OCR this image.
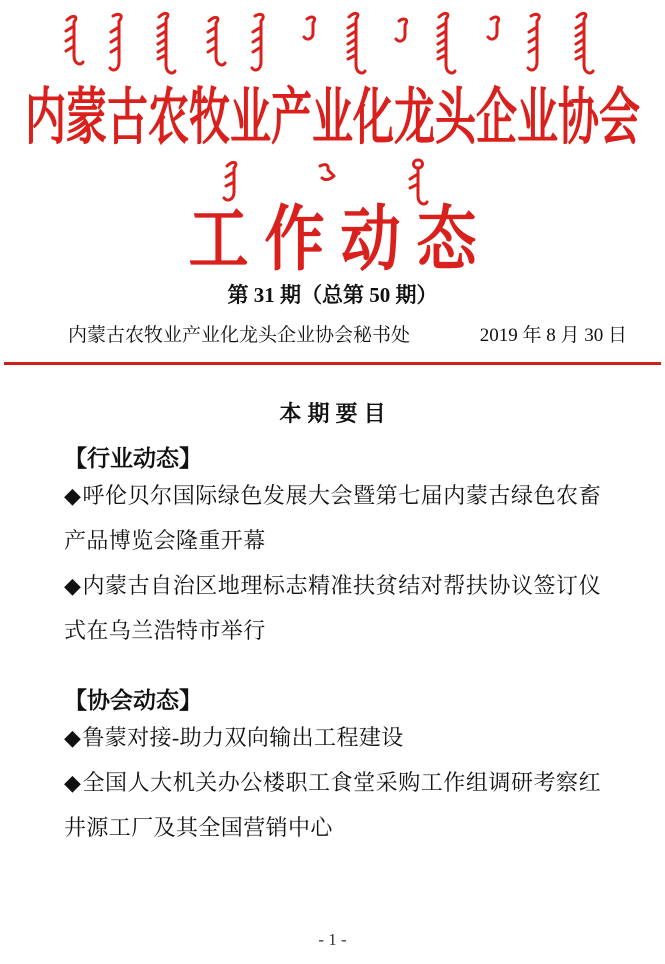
内蒙古农牧业产业化龙头企业协会
工作动态
第 31 期（总第 50 期）
内蒙古农牧业产业化龙头企业协会秘书处	2019 年 8 月 30 日
本 期 要 目

【行业动态】

◆呼伦贝尔国际绿色发展大会暨第七届内蒙古绿色农畜产品博览会隆重开幕

◆内蒙古自治区地理标志精准扶贫结对帮扶协议签订仪式在乌兰浩特市举行

【协会动态】

◆鲁蒙对接-助力双向输出工程建设

◆全国人大机关办公楼职工食堂采购工作组调研考察红井源工厂及其全国营销中心

- 1 -
